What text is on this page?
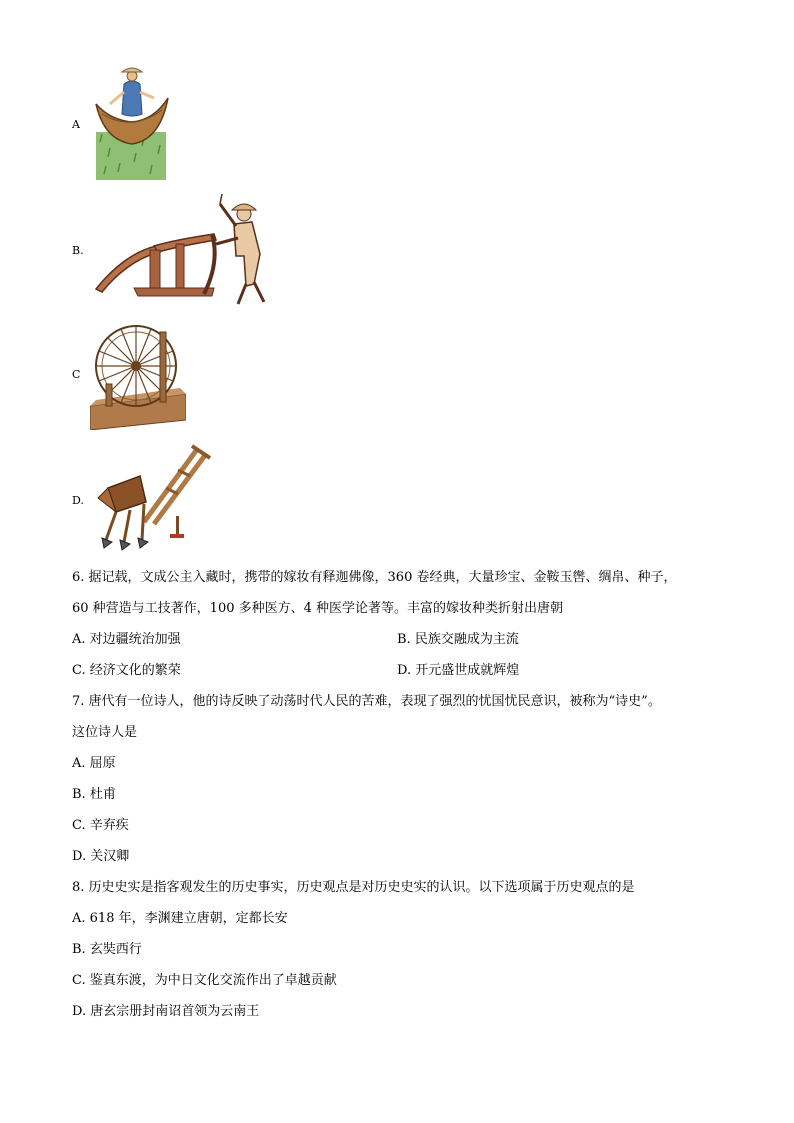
A
B.
C
D.
6. 据记载，文成公主入藏时，携带的嫁妆有释迦佛像，360 卷经典，大量珍宝、金鞍玉辔、绸帛、种子，
60 种营造与工技著作，100 多种医方、4 种医学论著等。丰富的嫁妆种类折射出唐朝
A. 对边疆统治加强	B. 民族交融成为主流
C. 经济文化的繁荣	D. 开元盛世成就辉煌
7. 唐代有一位诗人，他的诗反映了动荡时代人民的苦难，表现了强烈的忧国忧民意识，被称为“诗史”。
这位诗人是
A. 屈原
B. 杜甫
C. 辛弃疾
D. 关汉卿
8. 历史史实是指客观发生的历史事实，历史观点是对历史史实的认识。以下选项属于历史观点的是
A. 618 年，李渊建立唐朝，定都长安
B. 玄奘西行
C. 鉴真东渡，为中日文化交流作出了卓越贡献
D. 唐玄宗册封南诏首领为云南王
